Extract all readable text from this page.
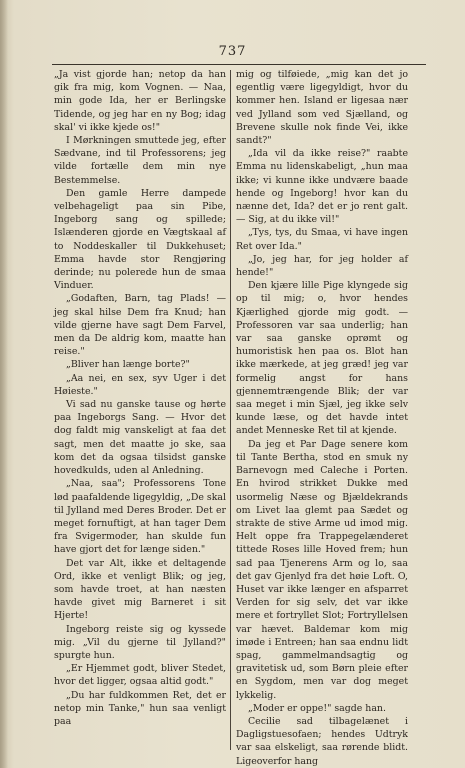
737

„Ja vist gjorde han; netop da han gik fra mig, kom Vognen. — Naa, min gode Ida, her er Berlingske Tidende, og jeg har en ny Bog; idag skal' vi ikke kjede os!"

I Mørkningen smuttede jeg, efter Sædvane, ind til Professorens; jeg vilde fortælle dem min nye Bestemmelse.

Den gamle Herre dampede velbehageligt paa sin Pibe, Ingeborg sang og spillede; Islænderen gjorde en Vægtskaal af to Noddeskaller til Dukkehuset; Emma havde stor Rengjøring derinde; nu polerede hun de smaa Vinduer.

„Godaften, Barn, tag Plads! — jeg skal hilse Dem fra Knud; han vilde gjerne have sagt Dem Farvel, men da De aldrig kom, maatte han reise."

„Bliver han længe borte?"

„Aa nei, en sex, syv Uger i det Høieste."

Vi sad nu ganske tause og hørte paa Ingeborgs Sang. — Hvor det dog faldt mig vanskeligt at faa det sagt, men det maatte jo ske, saa kom det da ogsaa tilsidst ganske hovedkulds, uden al Anledning.

„Naa, saa"; Professorens Tone lød paafaldende ligegyldig, „De skal til Jylland med Deres Broder. Det er meget fornuftigt, at han tager Dem fra Svigermoder, han skulde fun have gjort det for længe siden."

Det var Alt, ikke et deltagende Ord, ikke et venligt Blik; og jeg, som havde troet, at han næsten havde givet mig Barneret i sit Hjerte!

Ingeborg reiste sig og kyssede mig. „Vil du gjerne til Jylland?" spurgte hun.

„Er Hjemmet godt, bliver Stedet, hvor det ligger, ogsaa altid godt."

„Du har fuldkommen Ret, det er netop min Tanke," hun saa venligt paa

mig og tilføiede, „mig kan det jo egentlig være ligegyldigt, hvor du kommer hen. Island er ligesaa nær ved Jylland som ved Sjælland, og Brevene skulle nok finde Vei, ikke sandt?"

„Ida vil da ikke reise?" raabte Emma nu lidenskabeligt, „hun maa ikke; vi kunne ikke undvære baade hende og Ingeborg! hvor kan du nænne det, Ida? det er jo rent galt. — Sig, at du ikke vil!"

„Tys, tys, du Smaa, vi have ingen Ret over Ida."

„Jo, jeg har, for jeg holder af hende!"

Den kjære lille Pige klyngede sig op til mig; o, hvor hendes Kjærlighed gjorde mig godt. — Professoren var saa underlig; han var saa ganske oprømt og humoristisk hen paa os. Blot han ikke mærkede, at jeg græd! jeg var formelig angst for hans gjennemtrængende Blik; der var saa meget i min Sjæl, jeg ikke selv kunde læse, og det havde intet andet Menneske Ret til at kjende.

Da jeg et Par Dage senere kom til Tante Bertha, stod en smuk ny Barnevogn med Caleche i Porten. En hvirod strikket Dukke med usormelig Næse og Bjældekrands om Livet laa glemt paa Sædet og strakte de stive Arme ud imod mig. Helt oppe fra Trappegelænderet tittede Roses lille Hoved frem; hun sad paa Tjenerens Arm og lo, saa det gav Gjenlyd fra det høie Loft. O, Huset var ikke længer en afsparret Verden for sig selv, det var ikke mere et fortryllet Slot; Fortryllelsen var hævet. Baldemar kom mig imøde i Entreen; han saa endnu lidt spag, gammelmandsagtig og gravitetisk ud, som Børn pleie efter en Sygdom, men var dog meget lykkelig.

„Moder er oppe!" sagde han.

Cecilie sad tilbagelænet i Dagligstuesofaen; hendes Udtryk var saa elskeligt, saa rørende blidt. Ligeoverfor hang
